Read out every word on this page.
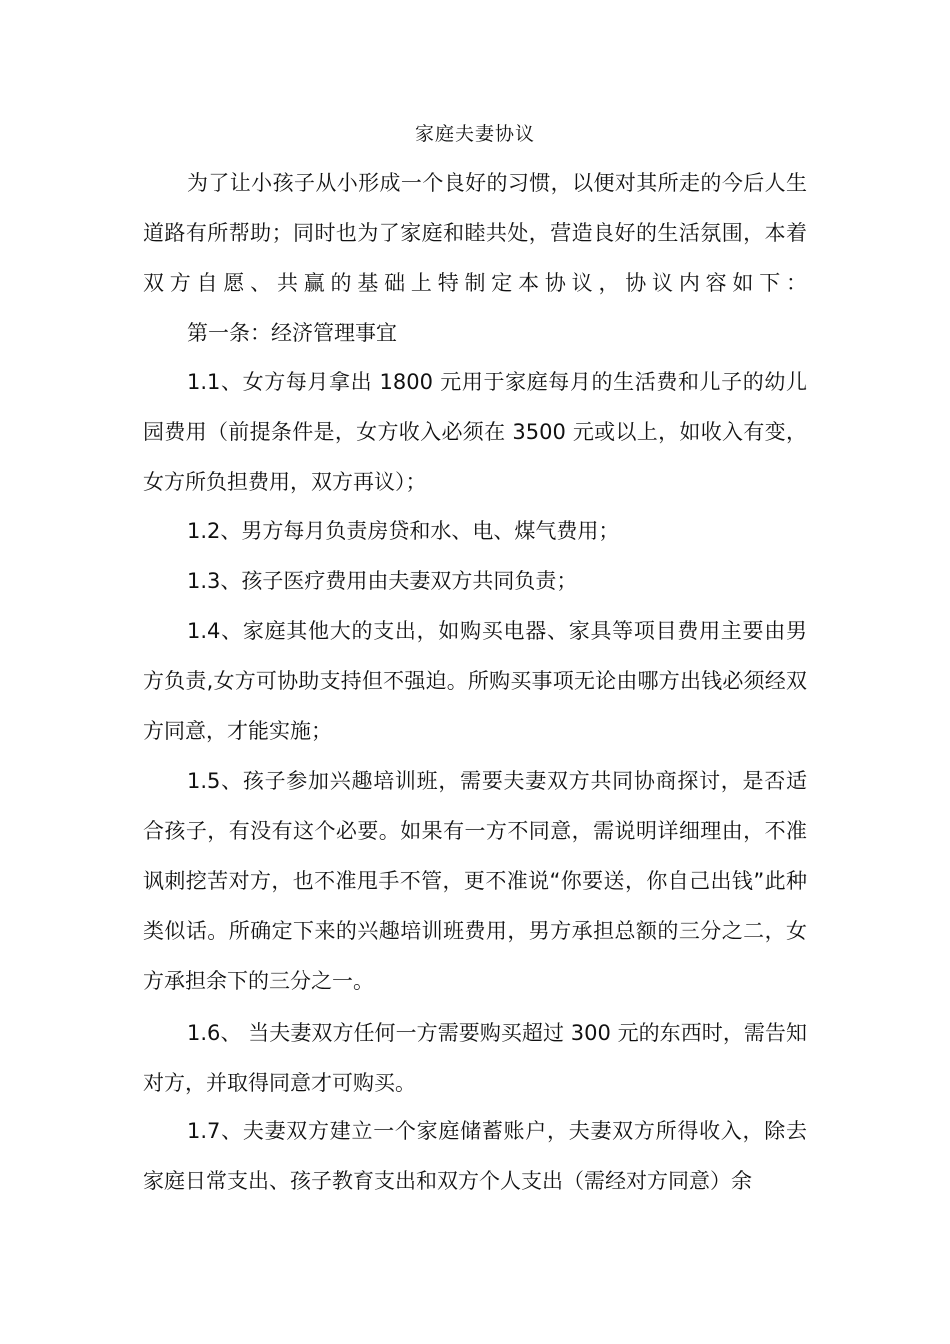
家庭夫妻协议

为了让小孩子从小形成一个良好的习惯，以便对其所走的今后人生道路有所帮助；同时也为了家庭和睦共处，营造良好的生活氛围，本着双方自愿、共赢的基础上特制定本协议，协议内容如下：

第一条：经济管理事宜

1.1、女方每月拿出 1800 元用于家庭每月的生活费和儿子的幼儿园费用（前提条件是，女方收入必须在 3500 元或以上，如收入有变，女方所负担费用，双方再议）；

1.2、男方每月负责房贷和水、电、煤气费用；

1.3、孩子医疗费用由夫妻双方共同负责；

1.4、家庭其他大的支出，如购买电器、家具等项目费用主要由男方负责,女方可协助支持但不强迫。所购买事项无论由哪方出钱必须经双方同意，才能实施；

1.5、孩子参加兴趣培训班，需要夫妻双方共同协商探讨，是否适合孩子，有没有这个必要。如果有一方不同意，需说明详细理由，不准讽刺挖苦对方，也不准甩手不管，更不准说“你要送，你自己出钱”此种类似话。所确定下来的兴趣培训班费用，男方承担总额的三分之二，女方承担余下的三分之一。

1.6、 当夫妻双方任何一方需要购买超过 300 元的东西时，需告知对方，并取得同意才可购买。

1.7、夫妻双方建立一个家庭储蓄账户，夫妻双方所得收入，除去家庭日常支出、孩子教育支出和双方个人支出（需经对方同意）余
